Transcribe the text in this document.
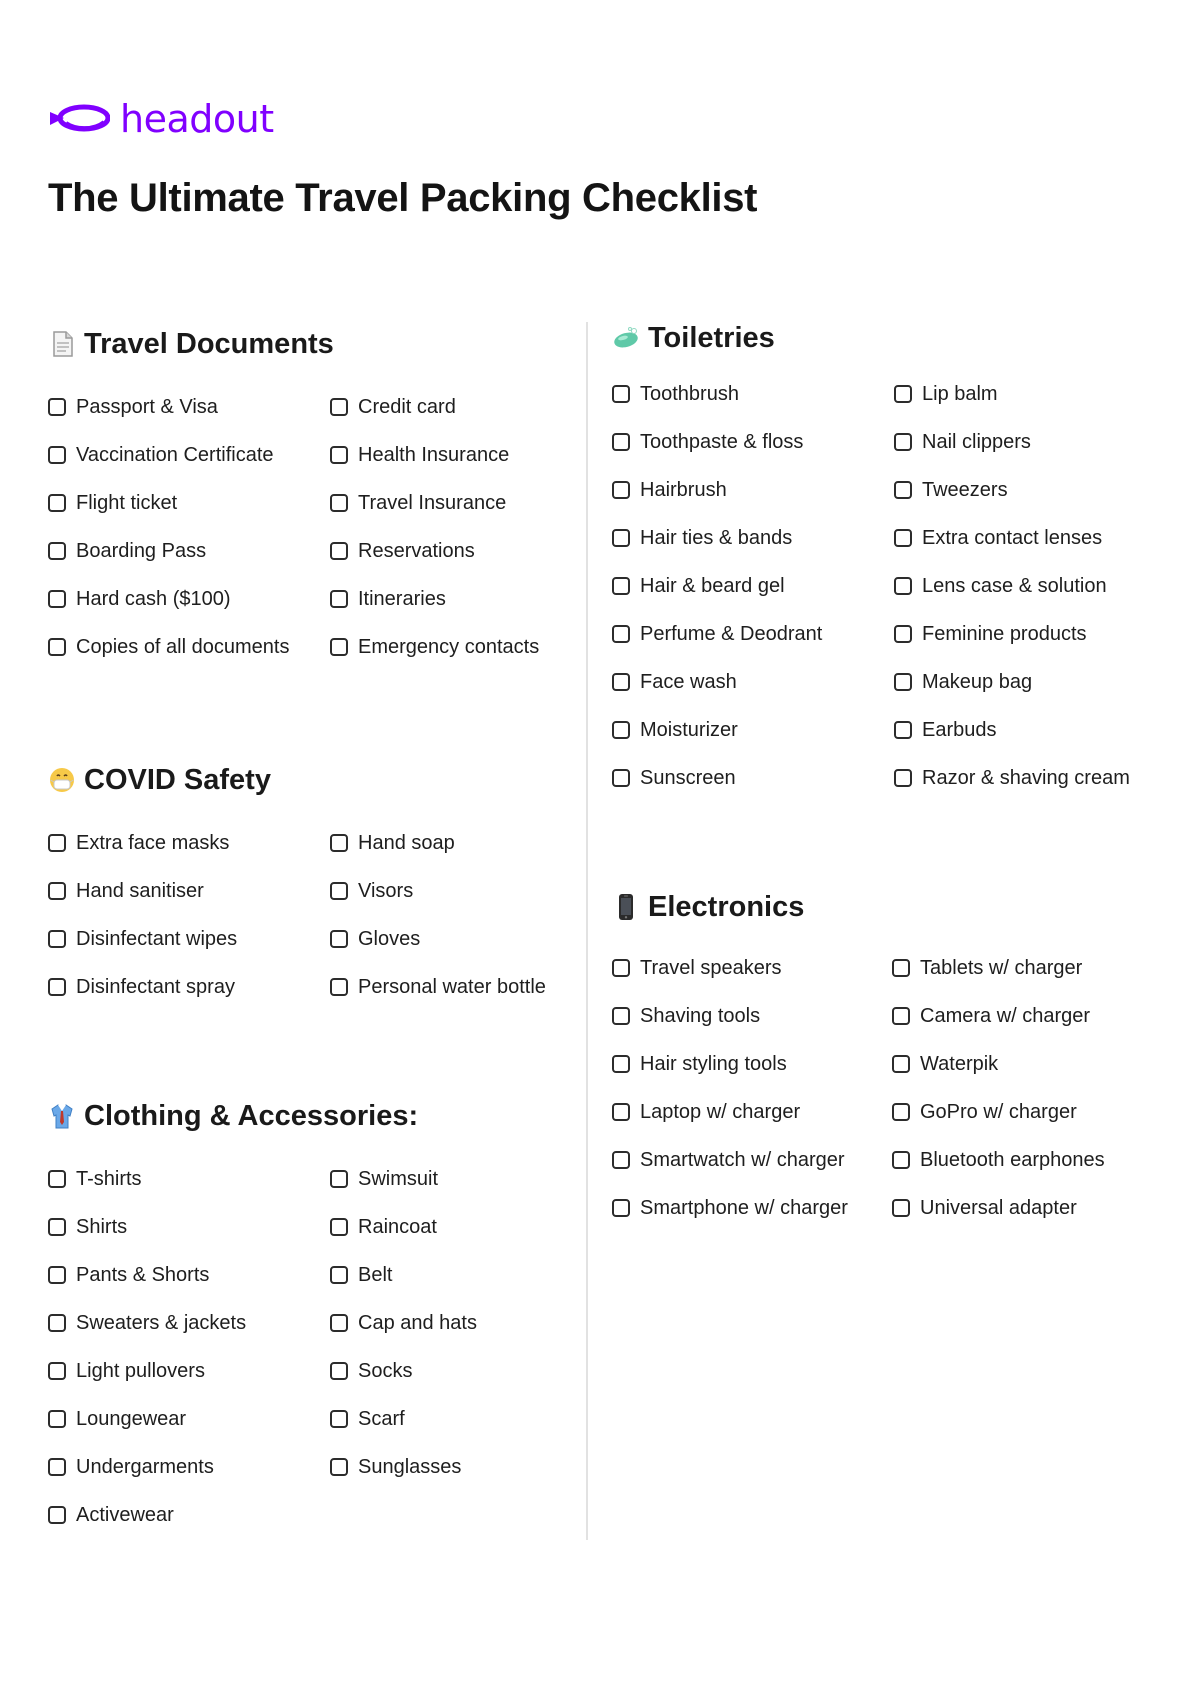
headout
The Ultimate Travel Packing Checklist
Travel Documents
Passport & Visa
Vaccination Certificate
Flight ticket
Boarding Pass
Hard cash ($100)
Copies of all documents
Credit card
Health Insurance
Travel Insurance
Reservations
Itineraries
Emergency contacts
COVID Safety
Extra face masks
Hand sanitiser
Disinfectant wipes
Disinfectant spray
Hand soap
Visors
Gloves
Personal water bottle
Clothing & Accessories:
T-shirts
Shirts
Pants & Shorts
Sweaters & jackets
Light pullovers
Loungewear
Undergarments
Activewear
Swimsuit
Raincoat
Belt
Cap and hats
Socks
Scarf
Sunglasses
Toiletries
Toothbrush
Toothpaste & floss
Hairbrush
Hair ties & bands
Hair & beard gel
Perfume & Deodrant
Face wash
Moisturizer
Sunscreen
Lip balm
Nail clippers
Tweezers
Extra contact lenses
Lens case & solution
Feminine products
Makeup bag
Earbuds
Razor & shaving cream
Electronics
Travel speakers
Shaving tools
Hair styling tools
Laptop w/ charger
Smartwatch w/ charger
Smartphone w/ charger
Tablets w/ charger
Camera w/ charger
Waterpik
GoPro w/ charger
Bluetooth earphones
Universal adapter
